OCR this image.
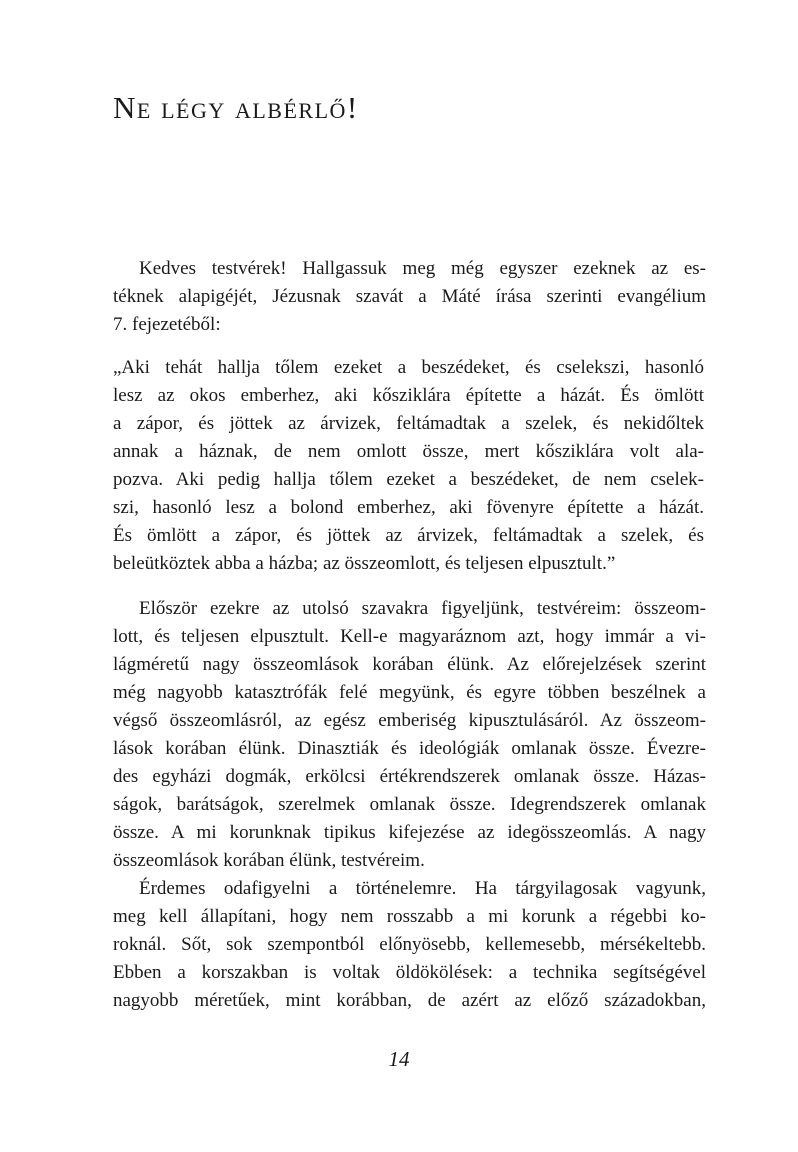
Ne légy albérlő!

Kedves testvérek! Hallgassuk meg még egyszer ezeknek az es-
téknek alapigéjét, Jézusnak szavát a Máté írása szerinti evangélium
7. fejezetéből:

„Aki tehát hallja tőlem ezeket a beszédeket, és cselekszi, hasonló
lesz az okos emberhez, aki kősziklára építette a házát. És ömlött
a zápor, és jöttek az árvizek, feltámadtak a szelek, és nekidőltek
annak a háznak, de nem omlott össze, mert kősziklára volt ala-
pozva. Aki pedig hallja tőlem ezeket a beszédeket, de nem cselek-
szi, hasonló lesz a bolond emberhez, aki fövenyre építette a házát.
És ömlött a zápor, és jöttek az árvizek, feltámadtak a szelek, és
beleütköztek abba a házba; az összeomlott, és teljesen elpusztult.”

Először ezekre az utolsó szavakra figyeljünk, testvéreim: összeom-
lott, és teljesen elpusztult. Kell-e magyaráznom azt, hogy immár a vi-
lágméretű nagy összeomlások korában élünk. Az előrejelzések szerint
még nagyobb katasztrófák felé megyünk, és egyre többen beszélnek a
végső összeomlásról, az egész emberiség kipusztulásáról. Az összeom-
lások korában élünk. Dinasztiák és ideológiák omlanak össze. Évezre-
des egyházi dogmák, erkölcsi értékrendszerek omlanak össze. Házas-
ságok, barátságok, szerelmek omlanak össze. Idegrendszerek omlanak
össze. A mi korunknak tipikus kifejezése az idegösszeomlás. A nagy
összeomlások korában élünk, testvéreim.

Érdemes odafigyelni a történelemre. Ha tárgyilagosak vagyunk,
meg kell állapítani, hogy nem rosszabb a mi korunk a régebbi ko-
roknál. Sőt, sok szempontból előnyösebb, kellemesebb, mérsékeltebb.
Ebben a korszakban is voltak öldökölések: a technika segítségével
nagyobb méretűek, mint korábban, de azért az előző századokban,

14
